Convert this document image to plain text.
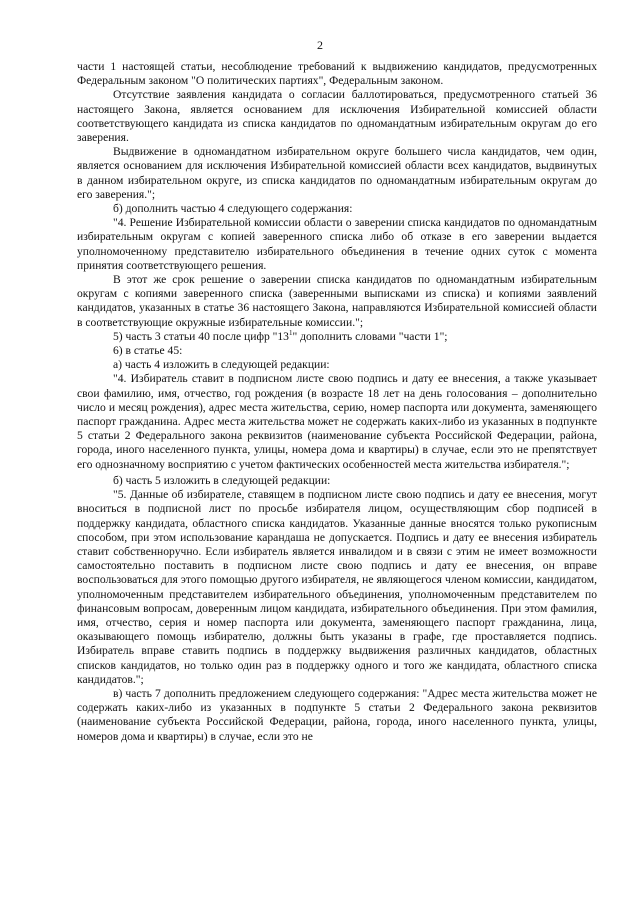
2

части 1 настоящей статьи, несоблюдение требований к выдвижению кандидатов, предусмотренных Федеральным законом "О политических партиях", Федеральным законом.

Отсутствие заявления кандидата о согласии баллотироваться, предусмотренного статьей 36 настоящего Закона, является основанием для исключения Избирательной комиссией области соответствующего кандидата из списка кандидатов по одномандатным избирательным округам до его заверения.

Выдвижение в одномандатном избирательном округе большего числа кандидатов, чем один, является основанием для исключения Избирательной комиссией области всех кандидатов, выдвинутых в данном избирательном округе, из списка кандидатов по одномандатным избирательным округам до его заверения.";

б) дополнить частью 4 следующего содержания:

"4. Решение Избирательной комиссии области о заверении списка кандидатов по одномандатным избирательным округам с копией заверенного списка либо об отказе в его заверении выдается уполномоченному представителю избирательного объединения в течение одних суток с момента принятия соответствующего решения.

В этот же срок решение о заверении списка кандидатов по одномандатным избирательным округам с копиями заверенного списка (заверенными выписками из списка) и копиями заявлений кандидатов, указанных в статье 36 настоящего Закона, направляются Избирательной комиссией области в соответствующие окружные избирательные комиссии.";

5) часть 3 статьи 40 после цифр "$13^1$" дополнить словами "части 1";

6) в статье 45:

а) часть 4 изложить в следующей редакции:

"4. Избиратель ставит в подписном листе свою подпись и дату ее внесения, а также указывает свои фамилию, имя, отчество, год рождения (в возрасте 18 лет на день голосования – дополнительно число и месяц рождения), адрес места жительства, серию, номер паспорта или документа, заменяющего паспорт гражданина. Адрес места жительства может не содержать каких-либо из указанных в подпункте 5 статьи 2 Федерального закона реквизитов (наименование субъекта Российской Федерации, района, города, иного населенного пункта, улицы, номера дома и квартиры) в случае, если это не препятствует его однозначному восприятию с учетом фактических особенностей места жительства избирателя.";

б) часть 5 изложить в следующей редакции:

"5. Данные об избирателе, ставящем в подписном листе свою подпись и дату ее внесения, могут вноситься в подписной лист по просьбе избирателя лицом, осуществляющим сбор подписей в поддержку кандидата, областного списка кандидатов. Указанные данные вносятся только рукописным способом, при этом использование карандаша не допускается. Подпись и дату ее внесения избиратель ставит собственноручно. Если избиратель является инвалидом и в связи с этим не имеет возможности самостоятельно поставить в подписном листе свою подпись и дату ее внесения, он вправе воспользоваться для этого помощью другого избирателя, не являющегося членом комиссии, кандидатом, уполномоченным представителем избирательного объединения, уполномоченным представителем по финансовым вопросам, доверенным лицом кандидата, избирательного объединения. При этом фамилия, имя, отчество, серия и номер паспорта или документа, заменяющего паспорт гражданина, лица, оказывающего помощь избирателю, должны быть указаны в графе, где проставляется подпись. Избиратель вправе ставить подпись в поддержку выдвижения различных кандидатов, областных списков кандидатов, но только один раз в поддержку одного и того же кандидата, областного списка кандидатов.";

в) часть 7 дополнить предложением следующего содержания: "Адрес места жительства может не содержать каких-либо из указанных в подпункте 5 статьи 2 Федерального закона реквизитов (наименование субъекта Российской Федерации, района, города, иного населенного пункта, улицы, номеров дома и квартиры) в случае, если это не
